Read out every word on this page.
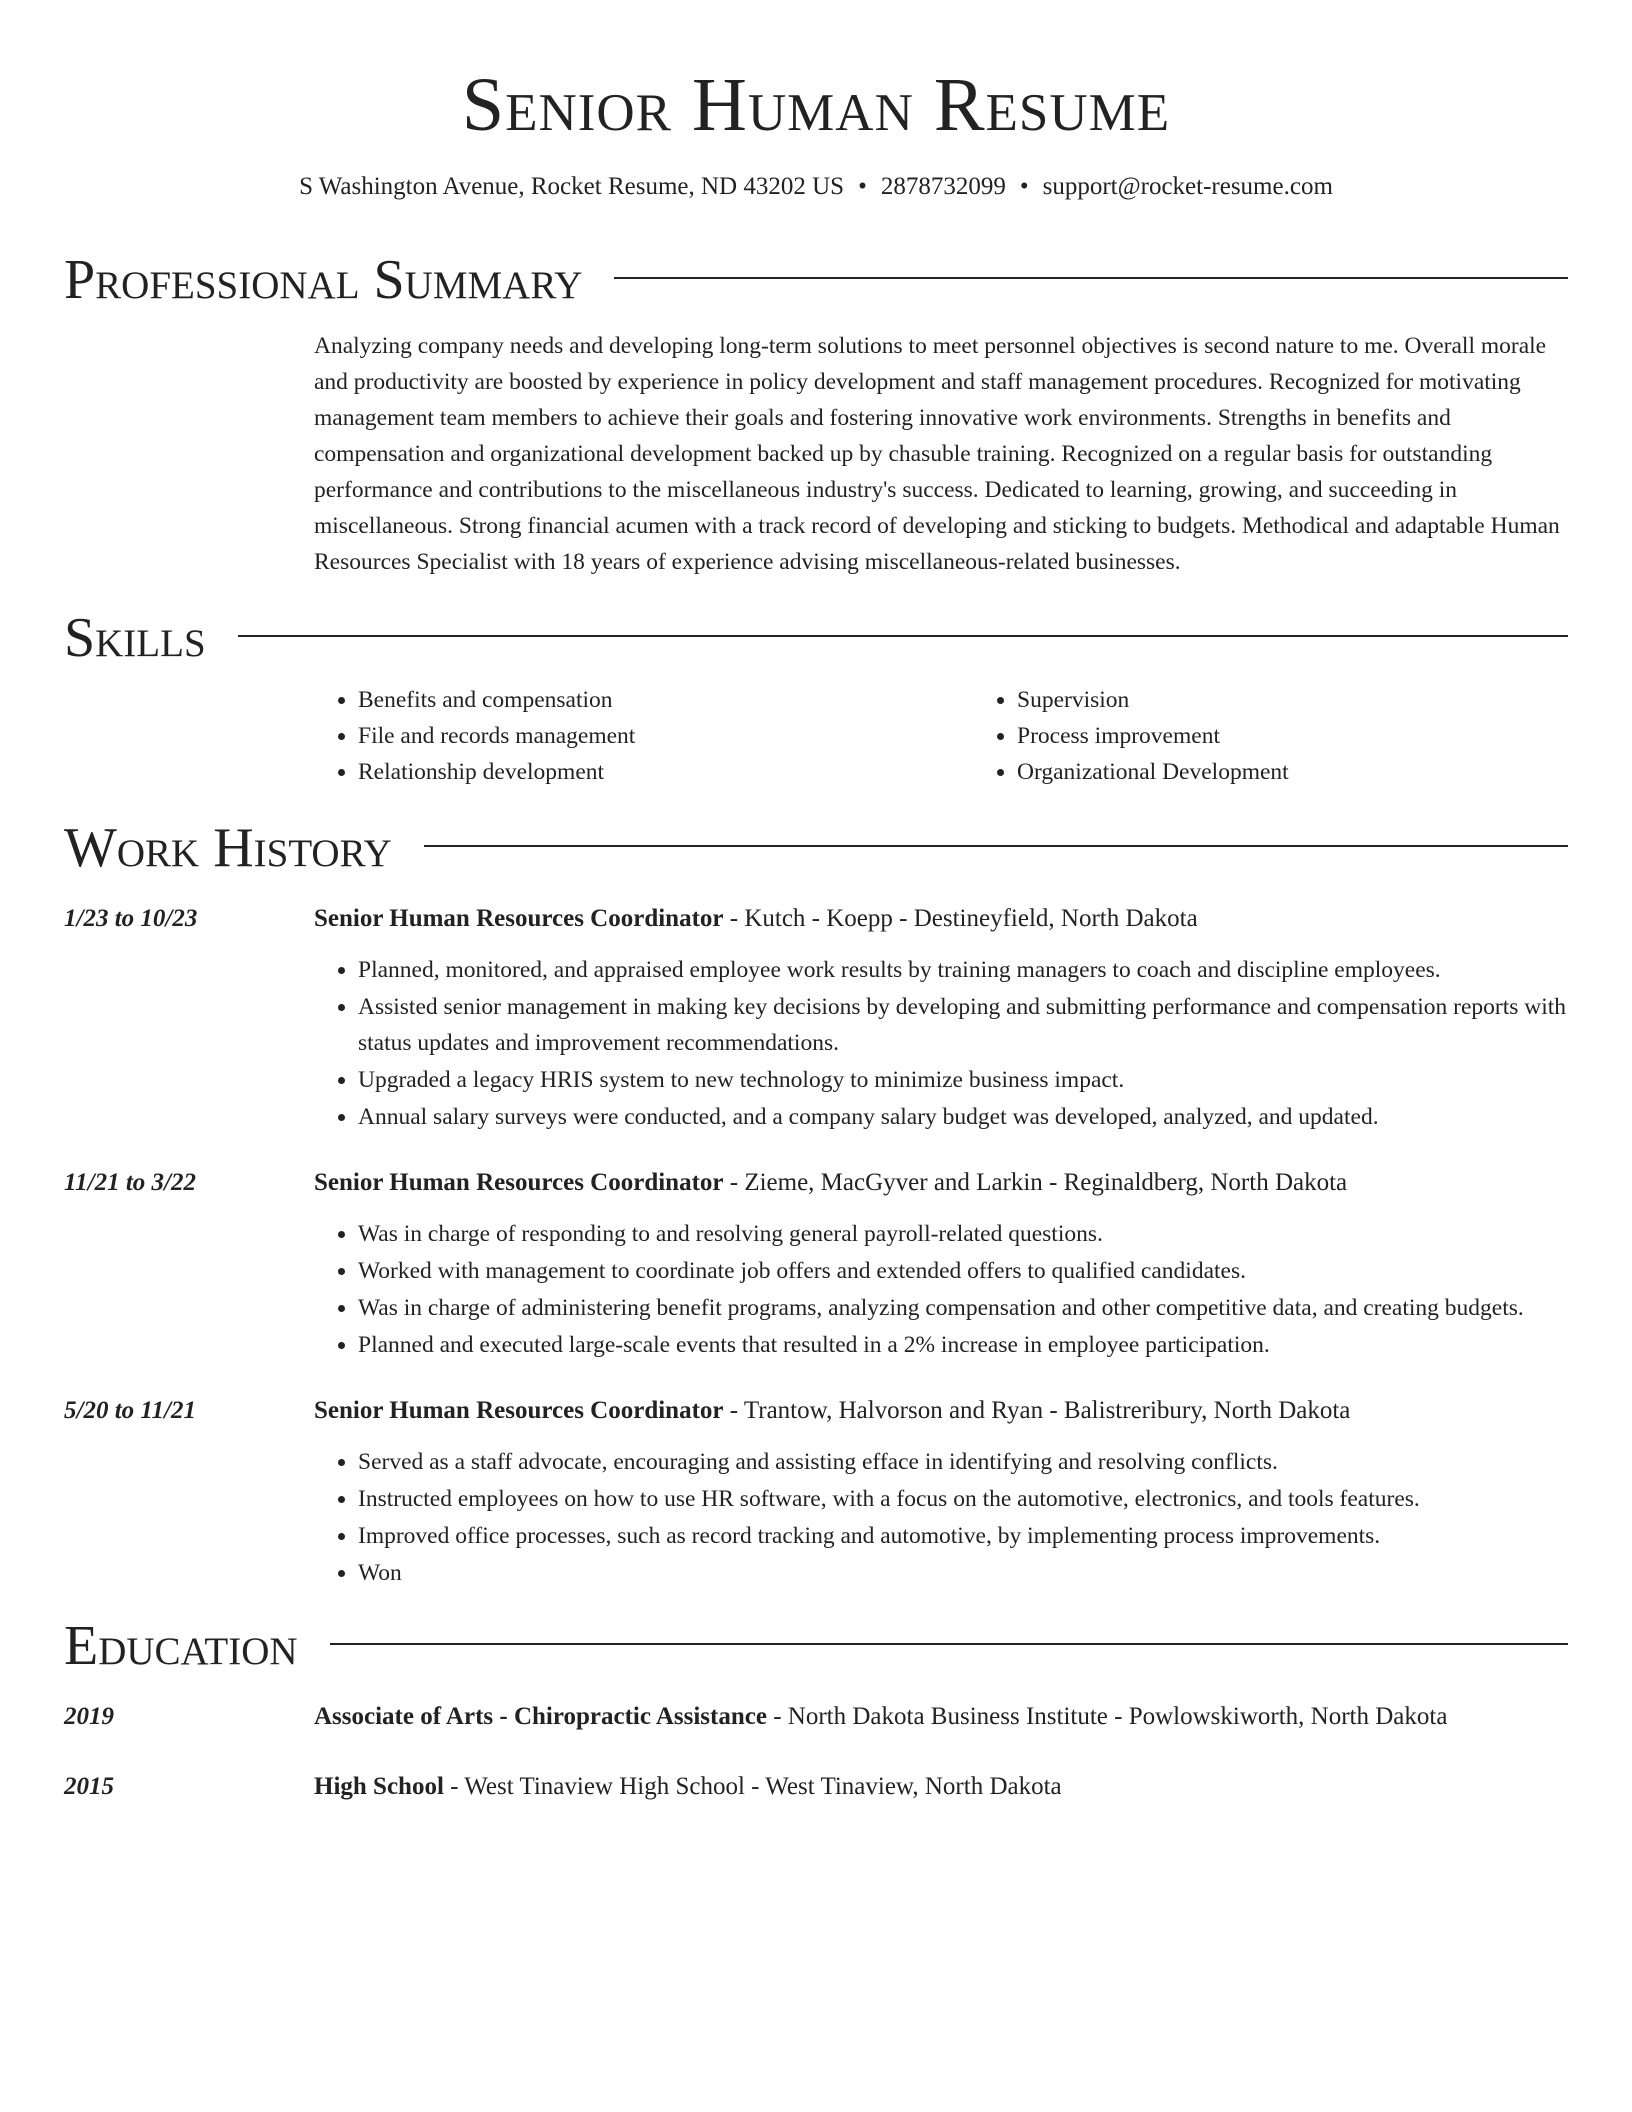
Senior Human Resume
S Washington Avenue, Rocket Resume, ND 43202 US • 2878732099 • support@rocket-resume.com
Professional Summary
Analyzing company needs and developing long-term solutions to meet personnel objectives is second nature to me. Overall morale and productivity are boosted by experience in policy development and staff management procedures. Recognized for motivating management team members to achieve their goals and fostering innovative work environments. Strengths in benefits and compensation and organizational development backed up by chasuble training. Recognized on a regular basis for outstanding performance and contributions to the miscellaneous industry's success. Dedicated to learning, growing, and succeeding in miscellaneous. Strong financial acumen with a track record of developing and sticking to budgets. Methodical and adaptable Human Resources Specialist with 18 years of experience advising miscellaneous-related businesses.
Skills
• Benefits and compensation
• File and records management
• Relationship development
• Supervision
• Process improvement
• Organizational Development
Work History
1/23 to 10/23	Senior Human Resources Coordinator - Kutch - Koepp - Destineyfield, North Dakota
• Planned, monitored, and appraised employee work results by training managers to coach and discipline employees.
• Assisted senior management in making key decisions by developing and submitting performance and compensation reports with status updates and improvement recommendations.
• Upgraded a legacy HRIS system to new technology to minimize business impact.
• Annual salary surveys were conducted, and a company salary budget was developed, analyzed, and updated.
11/21 to 3/22	Senior Human Resources Coordinator - Zieme, MacGyver and Larkin - Reginaldberg, North Dakota
• Was in charge of responding to and resolving general payroll-related questions.
• Worked with management to coordinate job offers and extended offers to qualified candidates.
• Was in charge of administering benefit programs, analyzing compensation and other competitive data, and creating budgets.
• Planned and executed large-scale events that resulted in a 2% increase in employee participation.
5/20 to 11/21	Senior Human Resources Coordinator - Trantow, Halvorson and Ryan - Balistreribury, North Dakota
• Served as a staff advocate, encouraging and assisting efface in identifying and resolving conflicts.
• Instructed employees on how to use HR software, with a focus on the automotive, electronics, and tools features.
• Improved office processes, such as record tracking and automotive, by implementing process improvements.
• Won
Education
2019	Associate of Arts - Chiropractic Assistance - North Dakota Business Institute - Powlowskiworth, North Dakota
2015	High School - West Tinaview High School - West Tinaview, North Dakota
